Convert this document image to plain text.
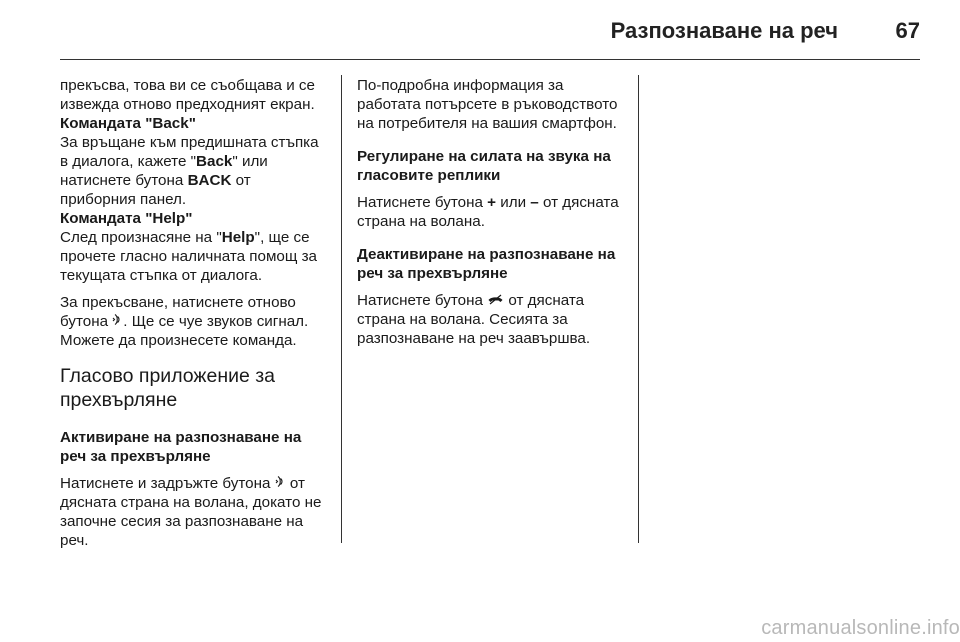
Разпознаване на реч	67

прекъсва, това ви се съобщава и се извежда отново предходният екран.

Командата "Back"

За връщане към предишната стъпка в диалога, кажете "Back" или натиснете бутона BACK от приборния панел.

Командата "Help"

След произнасяне на "Help", ще се прочете гласно наличната помощ за текущата стъпка от диалога.

За прекъсване, натиснете отново бутона . Ще се чуе звуков сигнал. Можете да произнесете команда.

Гласово приложение за прехвърляне

Активиране на разпознаване на реч за прехвърляне

Натиснете и задръжте бутона  от дясната страна на волана, докато не започне сесия за разпознаване на реч.

По-подробна информация за работата потърсете в ръководството на потребителя на вашия смартфон.

Регулиране на силата на звука на гласовите реплики

Натиснете бутона + или – от дясната страна на волана.

Деактивиране на разпознаване на реч за прехвърляне

Натиснете бутона  от дясната страна на волана. Сесията за разпознаване на реч заавършва.

carmanualsonline.info
